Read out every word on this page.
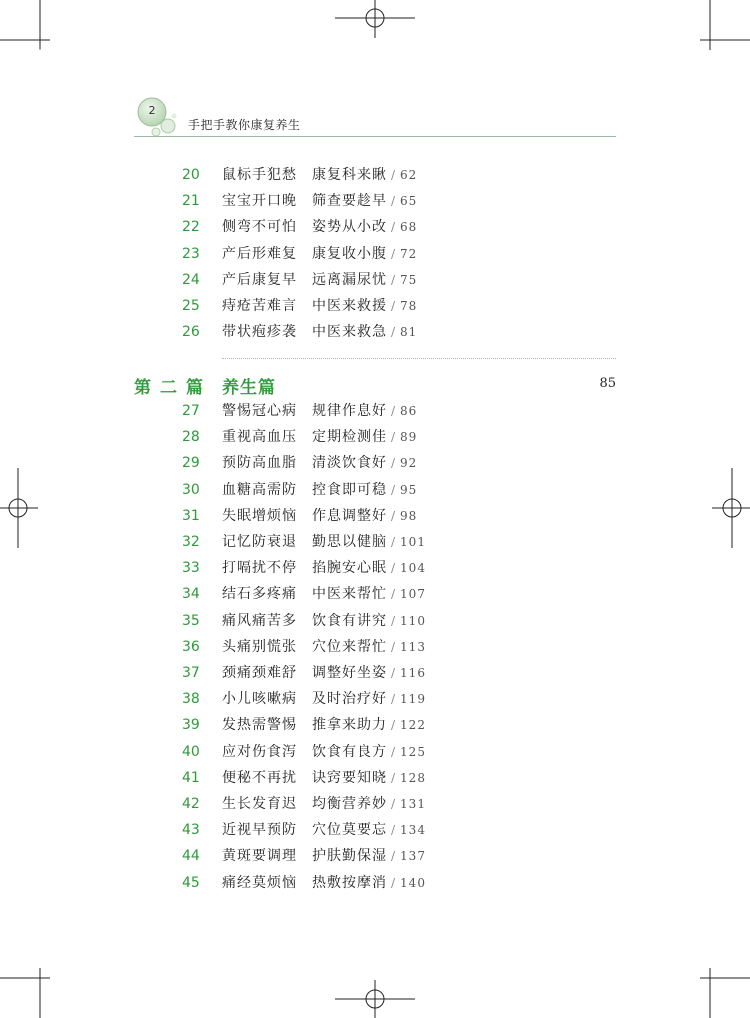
2
手把手教你康复养生
20	鼠标手犯愁 康复科来瞅 / 62
21	宝宝开口晚 筛查要趁早 / 65
22	侧弯不可怕 姿势从小改 / 68
23	产后形难复 康复收小腹 / 72
24	产后康复早 远离漏尿忧 / 75
25	痔疮苦难言 中医来救援 / 78
26	带状疱疹袭 中医来救急 / 81
第二篇 养生篇	85
27	警惕冠心病 规律作息好 / 86
28	重视高血压 定期检测佳 / 89
29	预防高血脂 清淡饮食好 / 92
30	血糖高需防 控食即可稳 / 95
31	失眠增烦恼 作息调整好 / 98
32	记忆防衰退 勤思以健脑 / 101
33	打嗝扰不停 掐腕安心眠 / 104
34	结石多疼痛 中医来帮忙 / 107
35	痛风痛苦多 饮食有讲究 / 110
36	头痛别慌张 穴位来帮忙 / 113
37	颈痛颈难舒 调整好坐姿 / 116
38	小儿咳嗽病 及时治疗好 / 119
39	发热需警惕 推拿来助力 / 122
40	应对伤食泻 饮食有良方 / 125
41	便秘不再扰 诀窍要知晓 / 128
42	生长发育迟 均衡营养妙 / 131
43	近视早预防 穴位莫要忘 / 134
44	黄斑要调理 护肤勤保湿 / 137
45	痛经莫烦恼 热敷按摩消 / 140
